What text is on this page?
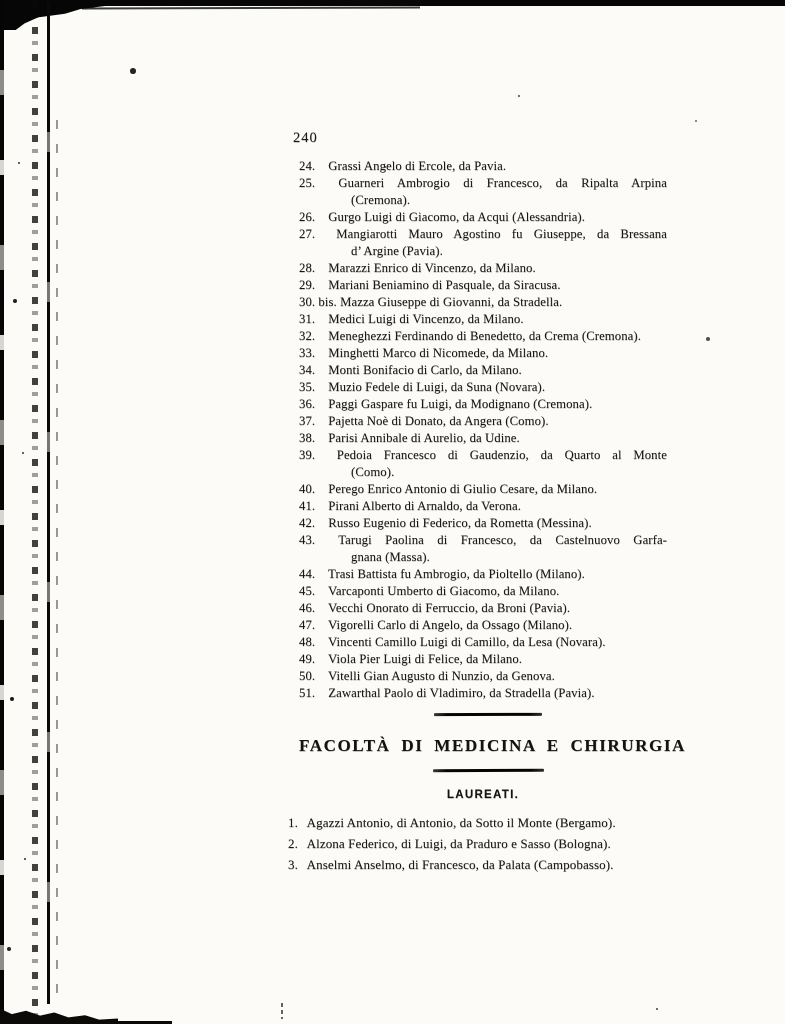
240
24. Grassi Angelo di Ercole, da Pavia.
25. Guarneri Ambrogio di Francesco, da Ripalta Arpina
(Cremona).
26. Gurgo Luigi di Giacomo, da Acqui (Alessandria).
27. Mangiarotti Mauro Agostino fu Giuseppe, da Bressana
d’ Argine (Pavia).
28. Marazzi Enrico di Vincenzo, da Milano.
29. Mariani Beniamino di Pasquale, da Siracusa.
30. bis. Mazza Giuseppe di Giovanni, da Stradella.
31. Medici Luigi di Vincenzo, da Milano.
32. Meneghezzi Ferdinando di Benedetto, da Crema (Cremona).
33. Minghetti Marco di Nicomede, da Milano.
34. Monti Bonifacio di Carlo, da Milano.
35. Muzio Fedele di Luigi, da Suna (Novara).
36. Paggi Gaspare fu Luigi, da Modignano (Cremona).
37. Pajetta Noè di Donato, da Angera (Como).
38. Parisi Annibale di Aurelio, da Udine.
39. Pedoia Francesco di Gaudenzio, da Quarto al Monte
(Como).
40. Perego Enrico Antonio di Giulio Cesare, da Milano.
41. Pirani Alberto di Arnaldo, da Verona.
42. Russo Eugenio di Federico, da Rometta (Messina).
43. Tarugi Paolina di Francesco, da Castelnuovo Garfa-
gnana (Massa).
44. Trasi Battista fu Ambrogio, da Pioltello (Milano).
45. Varcaponti Umberto di Giacomo, da Milano.
46. Vecchi Onorato di Ferruccio, da Broni (Pavia).
47. Vigorelli Carlo di Angelo, da Ossago (Milano).
48. Vincenti Camillo Luigi di Camillo, da Lesa (Novara).
49. Viola Pier Luigi di Felice, da Milano.
50. Vitelli Gian Augusto di Nunzio, da Genova.
51. Zawarthal Paolo di Vladimiro, da Stradella (Pavia).
FACOLTÀ DI MEDICINA E CHIRURGIA
LAUREATI.
1. Agazzi Antonio, di Antonio, da Sotto il Monte (Bergamo).
2. Alzona Federico, di Luigi, da Praduro e Sasso (Bologna).
3. Anselmi Anselmo, di Francesco, da Palata (Campobasso).
